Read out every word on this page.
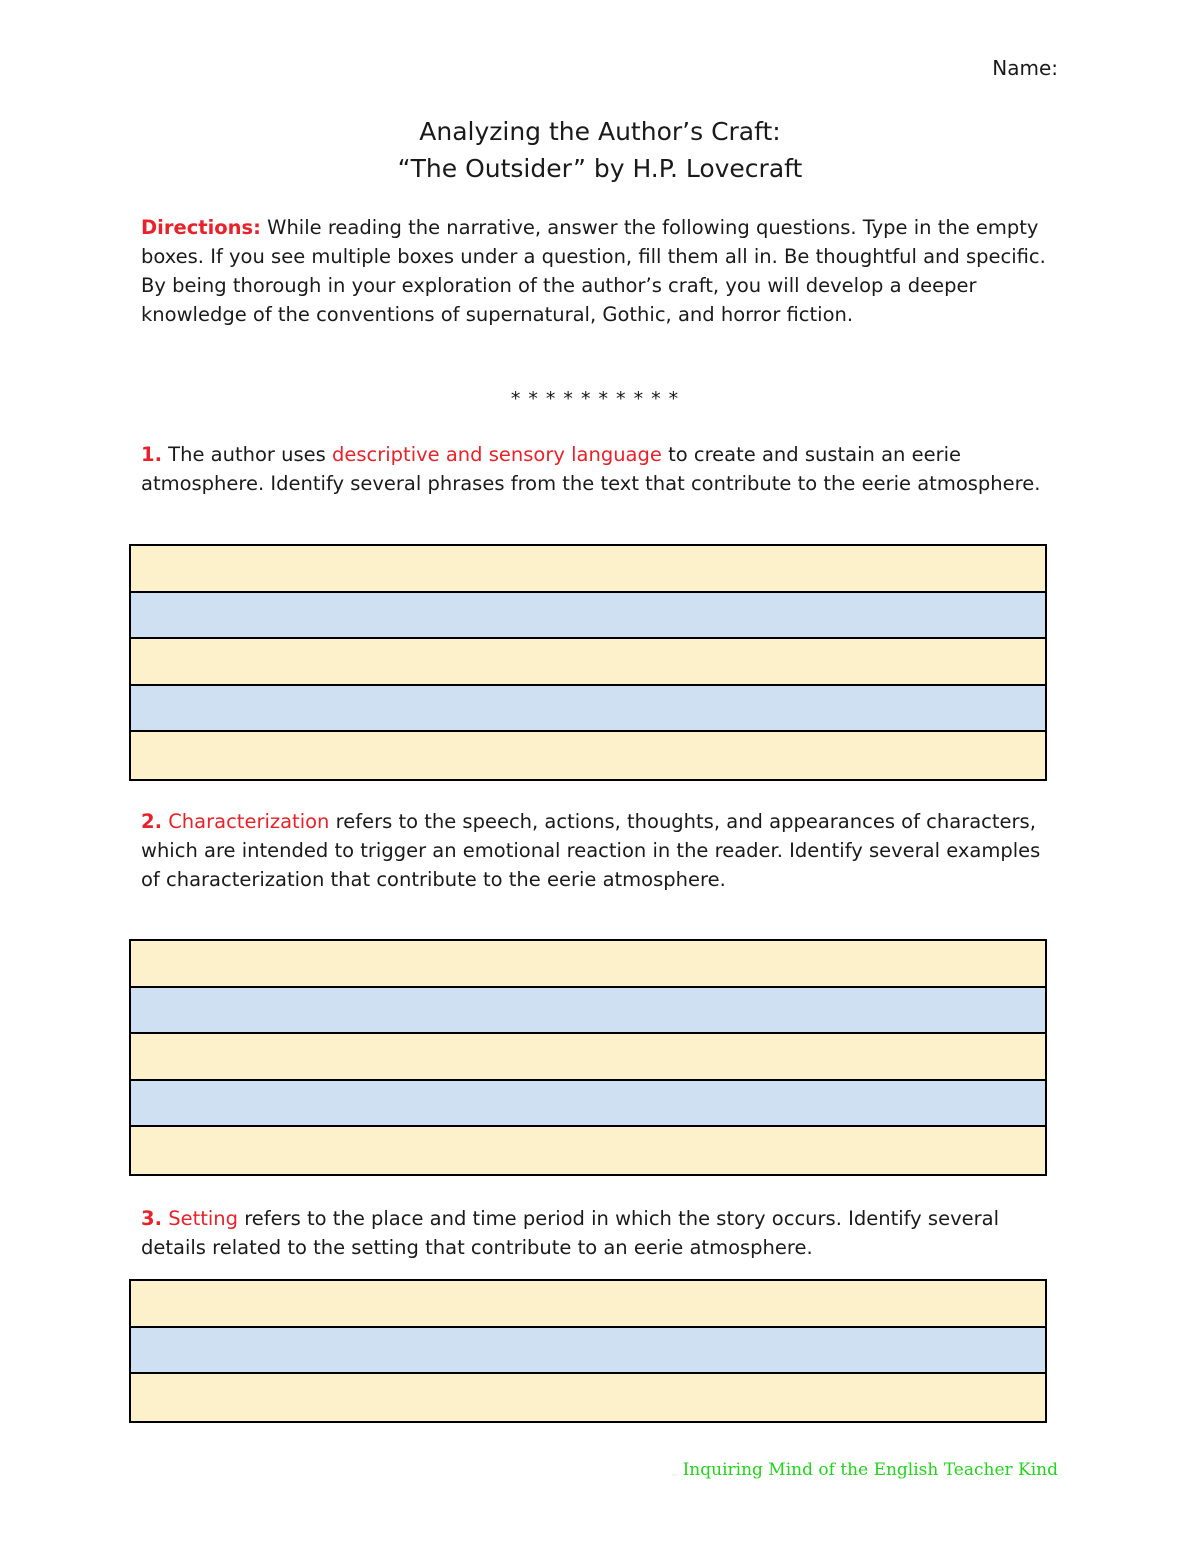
Name:
Analyzing the Author’s Craft:
“The Outsider” by H.P. Lovecraft
Directions: While reading the narrative, answer the following questions. Type in the empty boxes. If you see multiple boxes under a question, fill them all in. Be thoughtful and specific. By being thorough in your exploration of the author’s craft, you will develop a deeper knowledge of the conventions of supernatural, Gothic, and horror fiction.
* * * * * * * * * *
1. The author uses descriptive and sensory language to create and sustain an eerie atmosphere. Identify several phrases from the text that contribute to the eerie atmosphere.
2. Characterization refers to the speech, actions, thoughts, and appearances of characters, which are intended to trigger an emotional reaction in the reader. Identify several examples of characterization that contribute to the eerie atmosphere.
3. Setting refers to the place and time period in which the story occurs. Identify several details related to the setting that contribute to an eerie atmosphere.
Inquiring Mind of the English Teacher Kind
